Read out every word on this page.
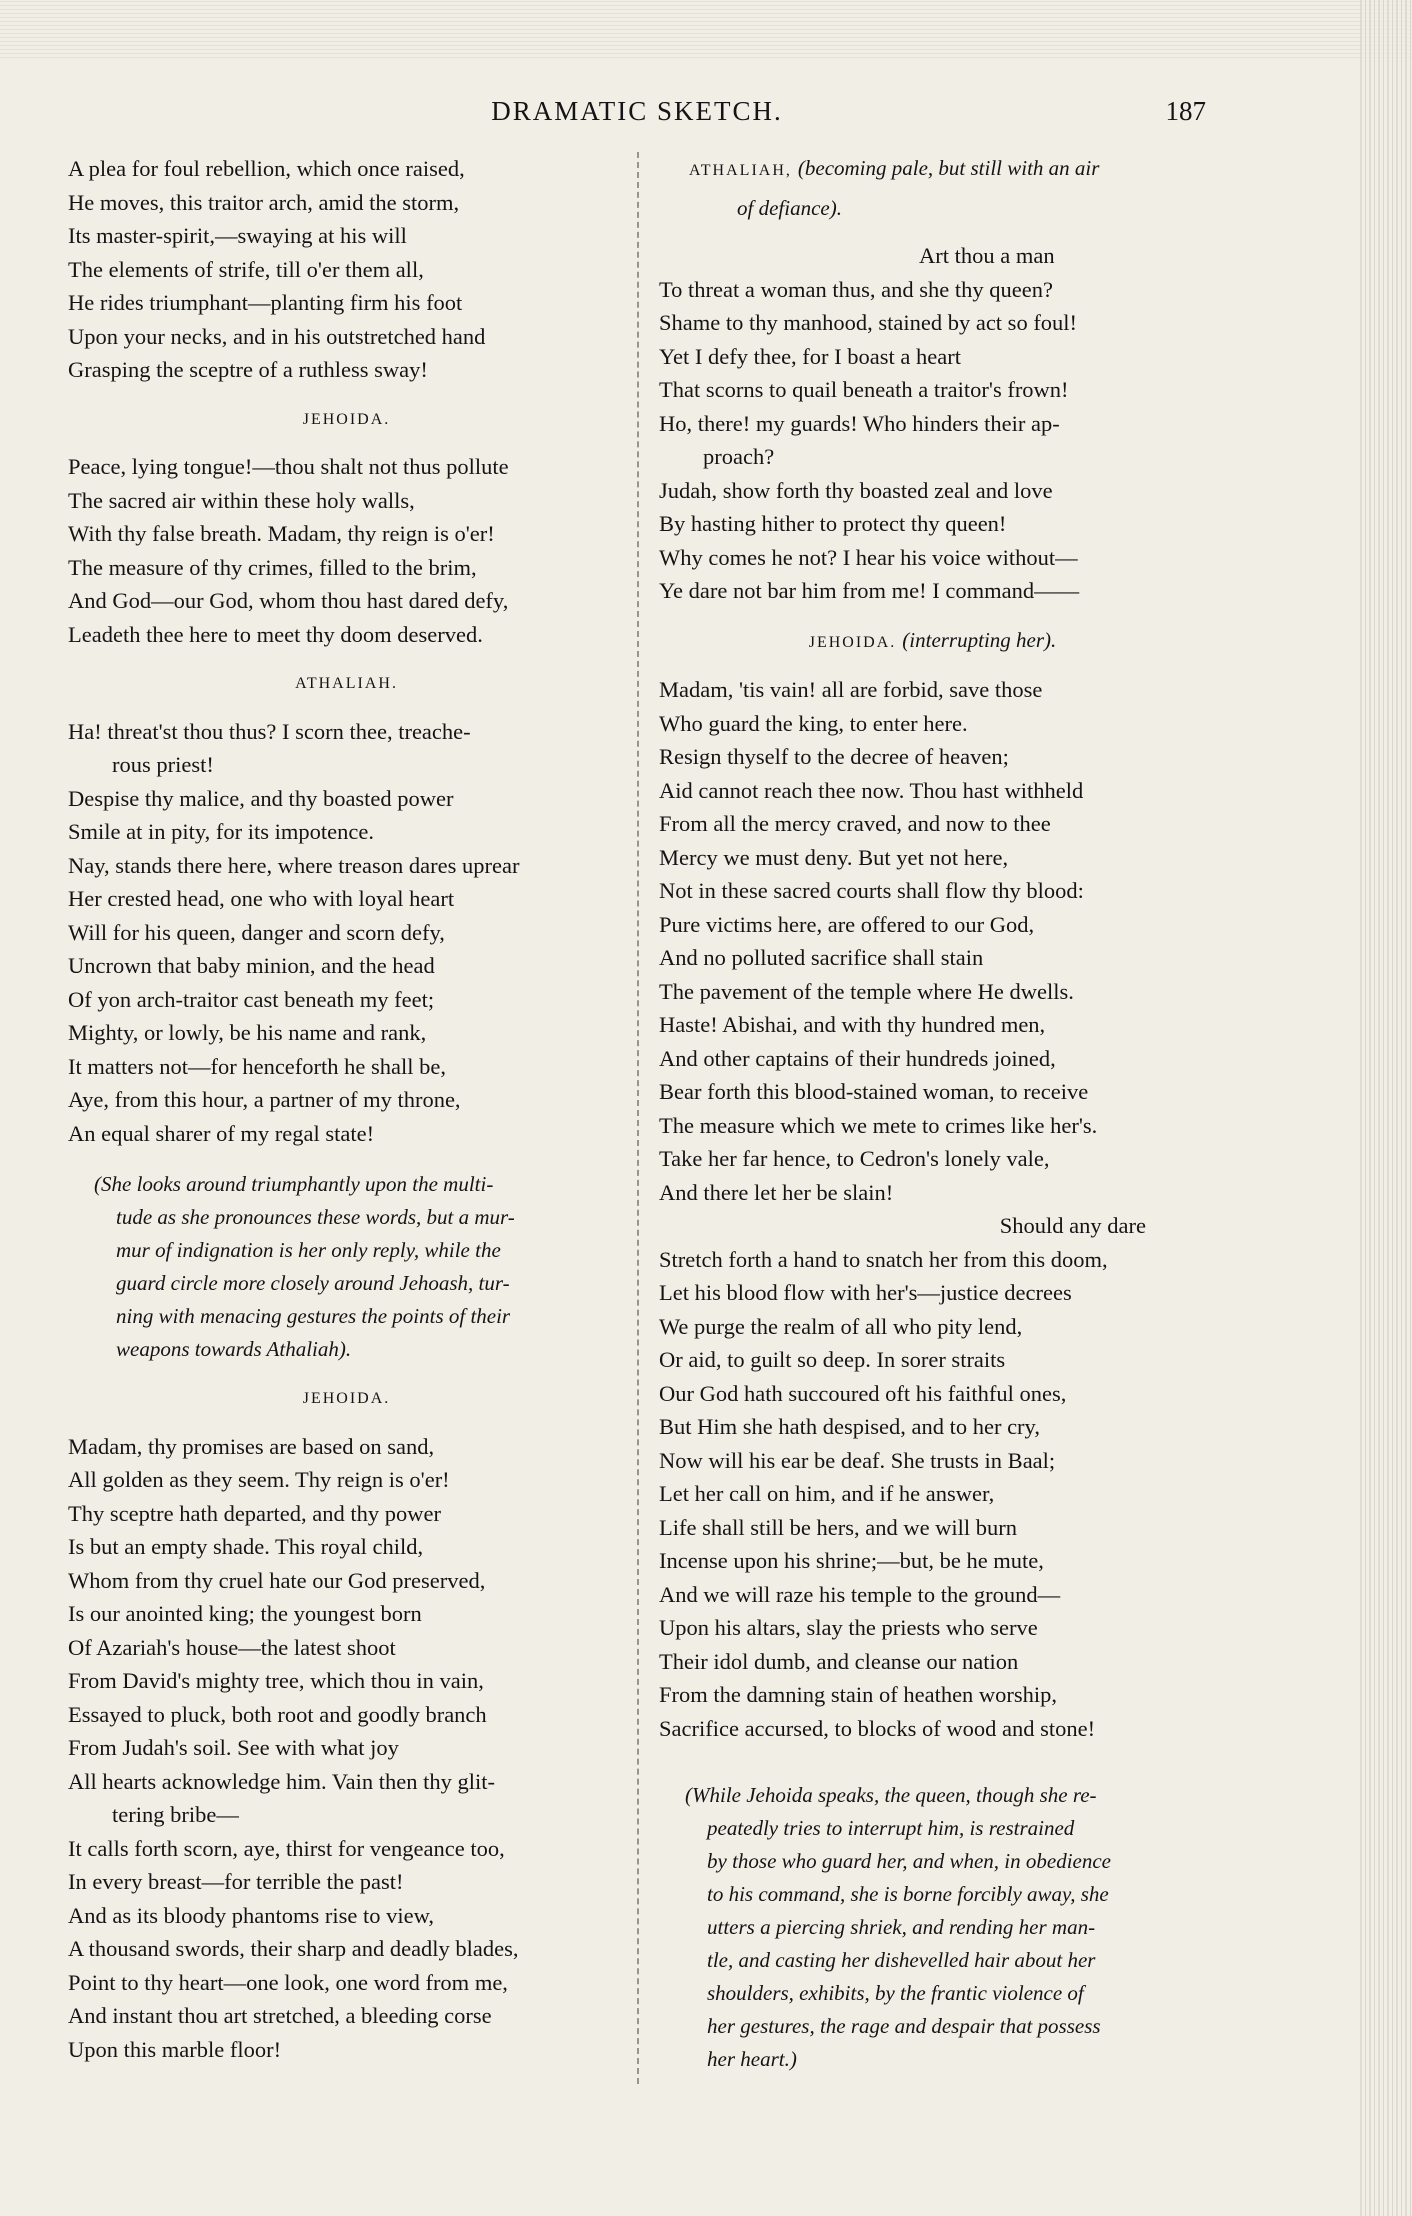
DRAMATIC SKETCH.	187
A plea for foul rebellion, which once raised,
He moves, this traitor arch, amid the storm,
Its master-spirit,—swaying at his will
The elements of strife, till o'er them all,
He rides triumphant—planting firm his foot
Upon your necks, and in his outstretched hand
Grasping the sceptre of a ruthless sway!
JEHOIDA.
Peace, lying tongue!—thou shalt not thus pollute
The sacred air within these holy walls,
With thy false breath. Madam, thy reign is o'er!
The measure of thy crimes, filled to the brim,
And God—our God, whom thou hast dared defy,
Leadeth thee here to meet thy doom deserved.
ATHALIAH.
Ha! threat'st thou thus? I scorn thee, treache-
rous priest!
Despise thy malice, and thy boasted power
Smile at in pity, for its impotence.
Nay, stands there here, where treason dares uprear
Her crested head, one who with loyal heart
Will for his queen, danger and scorn defy,
Uncrown that baby minion, and the head
Of yon arch-traitor cast beneath my feet;
Mighty, or lowly, be his name and rank,
It matters not—for henceforth he shall be,
Aye, from this hour, a partner of my throne,
An equal sharer of my regal state!
(She looks around triumphantly upon the multi-
tude as she pronounces these words, but a mur-
mur of indignation is her only reply, while the
guard circle more closely around Jehoash, tur-
ning with menacing gestures the points of their
weapons towards Athaliah).
JEHOIDA.
Madam, thy promises are based on sand,
All golden as they seem. Thy reign is o'er!
Thy sceptre hath departed, and thy power
Is but an empty shade. This royal child,
Whom from thy cruel hate our God preserved,
Is our anointed king; the youngest born
Of Azariah's house—the latest shoot
From David's mighty tree, which thou in vain,
Essayed to pluck, both root and goodly branch
From Judah's soil. See with what joy
All hearts acknowledge him. Vain then thy glit-
tering bribe—
It calls forth scorn, aye, thirst for vengeance too,
In every breast—for terrible the past!
And as its bloody phantoms rise to view,
A thousand swords, their sharp and deadly blades,
Point to thy heart—one look, one word from me,
And instant thou art stretched, a bleeding corse
Upon this marble floor!
ATHALIAH, (becoming pale, but still with an air
of defiance).
Art thou a man
To threat a woman thus, and she thy queen?
Shame to thy manhood, stained by act so foul!
Yet I defy thee, for I boast a heart
That scorns to quail beneath a traitor's frown!
Ho, there! my guards! Who hinders their ap-
proach?
Judah, show forth thy boasted zeal and love
By hasting hither to protect thy queen!
Why comes he not? I hear his voice without—
Ye dare not bar him from me! I command——
JEHOIDA. (interrupting her).
Madam, 'tis vain! all are forbid, save those
Who guard the king, to enter here.
Resign thyself to the decree of heaven;
Aid cannot reach thee now. Thou hast withheld
From all the mercy craved, and now to thee
Mercy we must deny. But yet not here,
Not in these sacred courts shall flow thy blood:
Pure victims here, are offered to our God,
And no polluted sacrifice shall stain
The pavement of the temple where He dwells.
Haste! Abishai, and with thy hundred men,
And other captains of their hundreds joined,
Bear forth this blood-stained woman, to receive
The measure which we mete to crimes like her's.
Take her far hence, to Cedron's lonely vale,
And there let her be slain!
Should any dare
Stretch forth a hand to snatch her from this doom,
Let his blood flow with her's—justice decrees
We purge the realm of all who pity lend,
Or aid, to guilt so deep. In sorer straits
Our God hath succoured oft his faithful ones,
But Him she hath despised, and to her cry,
Now will his ear be deaf. She trusts in Baal;
Let her call on him, and if he answer,
Life shall still be hers, and we will burn
Incense upon his shrine;—but, be he mute,
And we will raze his temple to the ground—
Upon his altars, slay the priests who serve
Their idol dumb, and cleanse our nation
From the damning stain of heathen worship,
Sacrifice accursed, to blocks of wood and stone!
(While Jehoida speaks, the queen, though she re-
peatedly tries to interrupt him, is restrained
by those who guard her, and when, in obedience
to his command, she is borne forcibly away, she
utters a piercing shriek, and rending her man-
tle, and casting her dishevelled hair about her
shoulders, exhibits, by the frantic violence of
her gestures, the rage and despair that possess
her heart.)
